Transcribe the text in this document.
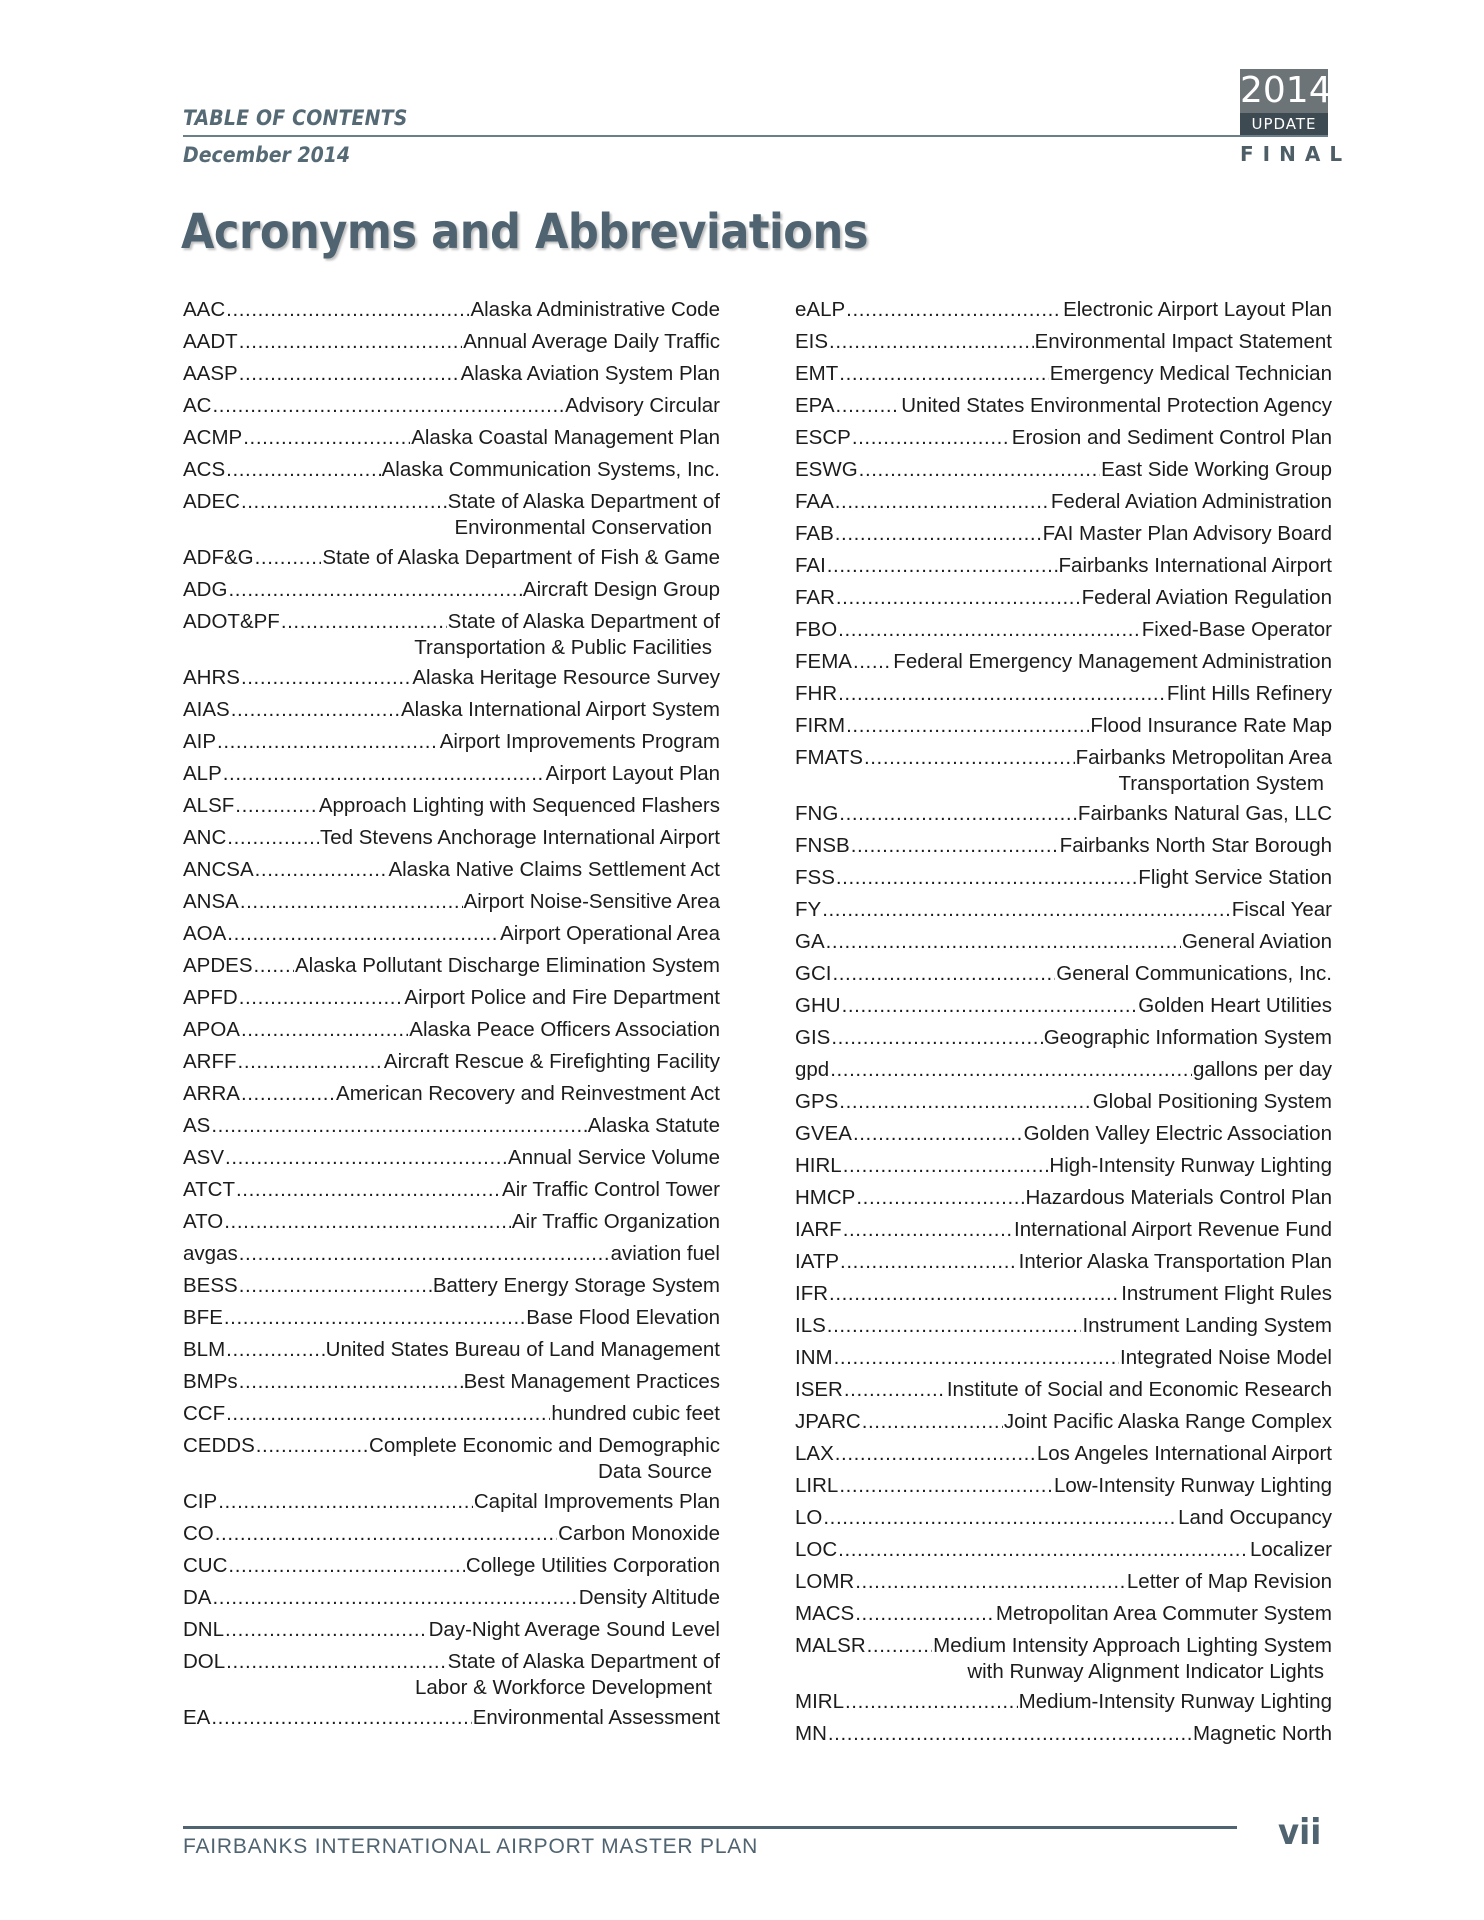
TABLE OF CONTENTS
December 2014
2014
UPDATE
FINAL
Acronyms and Abbreviations
AAC .....	Alaska Administrative Code
AADT .....	Annual Average Daily Traffic
AASP .....	Alaska Aviation System Plan
AC .....	Advisory Circular
ACMP .....	Alaska Coastal Management Plan
ACS .....	Alaska Communication Systems, Inc.
ADEC .....	State of Alaska Department of
Environmental Conservation
ADF&G .....	State of Alaska Department of Fish & Game
ADG .....	Aircraft Design Group
ADOT&PF .....	State of Alaska Department of
Transportation & Public Facilities
AHRS .....	Alaska Heritage Resource Survey
AIAS .....	Alaska International Airport System
AIP .....	Airport Improvements Program
ALP .....	Airport Layout Plan
ALSF .....	Approach Lighting with Sequenced Flashers
ANC .....	Ted Stevens Anchorage International Airport
ANCSA .....	Alaska Native Claims Settlement Act
ANSA .....	Airport Noise-Sensitive Area
AOA .....	Airport Operational Area
APDES ..... Alaska Pollutant Discharge Elimination System
APFD .....	Airport Police and Fire Department
APOA .....	Alaska Peace Officers Association
ARFF .....	Aircraft Rescue & Firefighting Facility
ARRA .....	American Recovery and Reinvestment Act
AS .....	Alaska Statute
ASV .....	Annual Service Volume
ATCT .....	Air Traffic Control Tower
ATO .....	Air Traffic Organization
avgas .....	aviation fuel
BESS .....	Battery Energy Storage System
BFE .....	Base Flood Elevation
BLM .....	United States Bureau of Land Management
BMPs .....	Best Management Practices
CCF .....	hundred cubic feet
CEDDS .....	Complete Economic and Demographic
Data Source
CIP .....	Capital Improvements Plan
CO .....	Carbon Monoxide
CUC .....	College Utilities Corporation
DA .....	Density Altitude
DNL .....	Day-Night Average Sound Level
DOL .....	State of Alaska Department of
Labor & Workforce Development
EA .....	Environmental Assessment
eALP .....	Electronic Airport Layout Plan
EIS .....	Environmental Impact Statement
EMT .....	Emergency Medical Technician
EPA .....	United States Environmental Protection Agency
ESCP .....	Erosion and Sediment Control Plan
ESWG .....	East Side Working Group
FAA .....	Federal Aviation Administration
FAB .....	FAI Master Plan Advisory Board
FAI .....	Fairbanks International Airport
FAR .....	Federal Aviation Regulation
FBO .....	Fixed-Base Operator
FEMA ..... Federal Emergency Management Administration
FHR .....	Flint Hills Refinery
FIRM .....	Flood Insurance Rate Map
FMATS .....	Fairbanks Metropolitan Area
Transportation System
FNG .....	Fairbanks Natural Gas, LLC
FNSB .....	Fairbanks North Star Borough
FSS .....	Flight Service Station
FY .....	Fiscal Year
GA .....	General Aviation
GCI .....	General Communications, Inc.
GHU .....	Golden Heart Utilities
GIS .....	Geographic Information System
gpd .....	gallons per day
GPS .....	Global Positioning System
GVEA .....	Golden Valley Electric Association
HIRL .....	High-Intensity Runway Lighting
HMCP .....	Hazardous Materials Control Plan
IARF .....	International Airport Revenue Fund
IATP .....	Interior Alaska Transportation Plan
IFR .....	Instrument Flight Rules
ILS .....	Instrument Landing System
INM .....	Integrated Noise Model
ISER .....	Institute of Social and Economic Research
JPARC .....	Joint Pacific Alaska Range Complex
LAX .....	Los Angeles International Airport
LIRL .....	Low-Intensity Runway Lighting
LO .....	Land Occupancy
LOC .....	Localizer
LOMR .....	Letter of Map Revision
MACS .....	Metropolitan Area Commuter System
MALSR .....	Medium Intensity Approach Lighting System
with Runway Alignment Indicator Lights
MIRL .....	Medium-Intensity Runway Lighting
MN .....	Magnetic North
FAIRBANKS INTERNATIONAL AIRPORT MASTER PLAN	vii
